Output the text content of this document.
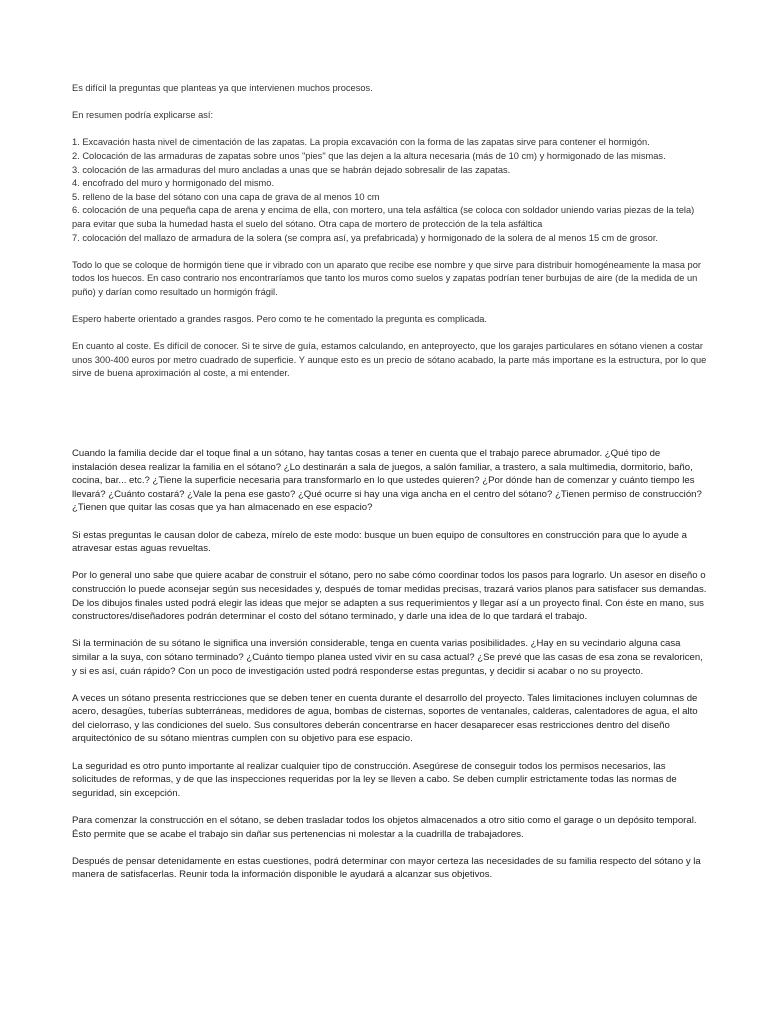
Es difícil la preguntas que planteas ya que intervienen muchos procesos.

En resumen podría explicarse así:

1. Excavación hasta nivel de cimentación de las zapatas. La propia excavación con la forma de las zapatas sirve para contener el hormigón.
2. Colocación de las armaduras de zapatas sobre unos "pies" que las dejen a la altura necesaria (más de 10 cm) y hormigonado de las mismas.
3. colocación de las armaduras del muro ancladas a unas que se habrán dejado sobresalir de las zapatas.
4. encofrado del muro y hormigonado del mismo.
5. relleno de la base del sótano con una capa de grava de al menos 10 cm
6. colocación de una pequeña capa de arena y encima de ella, con mortero, una tela asfáltica (se coloca con soldador uniendo varias piezas de la tela) para evitar que suba la humedad hasta el suelo del sótano. Otra capa de mortero de protección de la tela asfáltica
7. colocación del mallazo de armadura de la solera (se compra así, ya prefabricada) y hormigonado de la solera de al menos 15 cm de grosor.

Todo lo que se coloque de hormigón tiene que ir vibrado con un aparato que recibe ese nombre y que sirve para distribuir homogéneamente la masa por todos los huecos. En caso contrario nos encontraríamos que tanto los muros como suelos y zapatas podrían tener burbujas de aire (de la medida de un puño) y darían como resultado un hormigón frágil.

Espero haberte orientado a grandes rasgos. Pero como te he comentado la pregunta es complicada.

En cuanto al coste. Es difícil de conocer. Si te sirve de guía, estamos calculando, en anteproyecto, que los garajes particulares en sótano vienen a costar unos 300-400 euros por metro cuadrado de superficie. Y aunque esto es un precio de sótano acabado, la parte más importane es la estructura, por lo que sirve de buena aproximación al coste, a mi entender.

Cuando la familia decide dar el toque final a un sótano, hay tantas cosas a tener en cuenta que el trabajo parece abrumador. ¿Qué tipo de instalación desea realizar la familia en el sótano? ¿Lo destinarán a sala de juegos, a salón familiar, a trastero, a sala multimedia, dormitorio, baño, cocina, bar... etc.? ¿Tiene la superficie necesaria para transformarlo en lo que ustedes quieren? ¿Por dónde han de comenzar y cuánto tiempo les llevará? ¿Cuánto costará? ¿Vale la pena ese gasto? ¿Qué ocurre si hay una viga ancha en el centro del sótano? ¿Tienen permiso de construcción? ¿Tienen que quitar las cosas que ya han almacenado en ese espacio?

Si estas preguntas le causan dolor de cabeza, mírelo de este modo: busque un buen equipo de consultores en construcción para que lo ayude a atravesar estas aguas revueltas.

Por lo general uno sabe que quiere acabar de construir el sótano, pero no sabe cómo coordinar todos los pasos para lograrlo. Un asesor en diseño o construcción lo puede aconsejar según sus necesidades y, después de tomar medidas precisas, trazará varios planos para satisfacer sus demandas. De los dibujos finales usted podrá elegir las ideas que mejor se adapten a sus requerimientos y llegar así a un proyecto final. Con éste en mano, sus constructores/diseñadores podrán determinar el costo del sótano terminado, y darle una idea de lo que tardará el trabajo.

Si la terminación de su sótano le significa una inversión considerable, tenga en cuenta varias posibilidades. ¿Hay en su vecindario alguna casa similar a la suya, con sótano terminado? ¿Cuánto tiempo planea usted vivir en su casa actual? ¿Se prevé que las casas de esa zona se revaloricen, y si es así, cuán rápido? Con un poco de investigación usted podrá responderse estas preguntas, y decidir si acabar o no su proyecto.

A veces un sótano presenta restricciones que se deben tener en cuenta durante el desarrollo del proyecto. Tales limitaciones incluyen columnas de acero, desagües, tuberías subterráneas, medidores de agua, bombas de cisternas, soportes de ventanales, calderas, calentadores de agua, el alto del cielorraso, y las condiciones del suelo. Sus consultores deberán concentrarse en hacer desaparecer esas restricciones dentro del diseño arquitectónico de su sótano mientras cumplen con su objetivo para ese espacio.

La seguridad es otro punto importante al realizar cualquier tipo de construcción. Asegúrese de conseguir todos los permisos necesarios, las solicitudes de reformas, y de que las inspecciones requeridas por la ley se lleven a cabo. Se deben cumplir estrictamente todas las normas de seguridad, sin excepción.

Para comenzar la construcción en el sótano, se deben trasladar todos los objetos almacenados a otro sitio como el garage o un depósito temporal. Ésto permite que se acabe el trabajo sin dañar sus pertenencias ni molestar a la cuadrilla de trabajadores.

Después de pensar detenidamente en estas cuestiones, podrá determinar con mayor certeza las necesidades de su familia respecto del sótano y la manera de satisfacerlas. Reunir toda la información disponible le ayudará a alcanzar sus objetivos.
